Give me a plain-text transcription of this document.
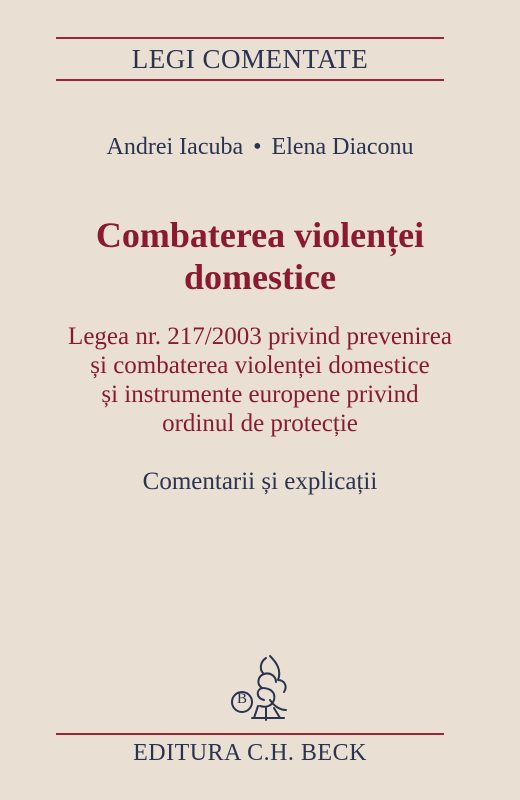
LEGI COMENTATE
Andrei Iacuba • Elena Diaconu
Combaterea violenței
domestice
Legea nr. 217/2003 privind prevenirea
și combaterea violenței domestice
și instrumente europene privind
ordinul de protecție
Comentarii și explicații
B
EDITURA C.H. BECK
